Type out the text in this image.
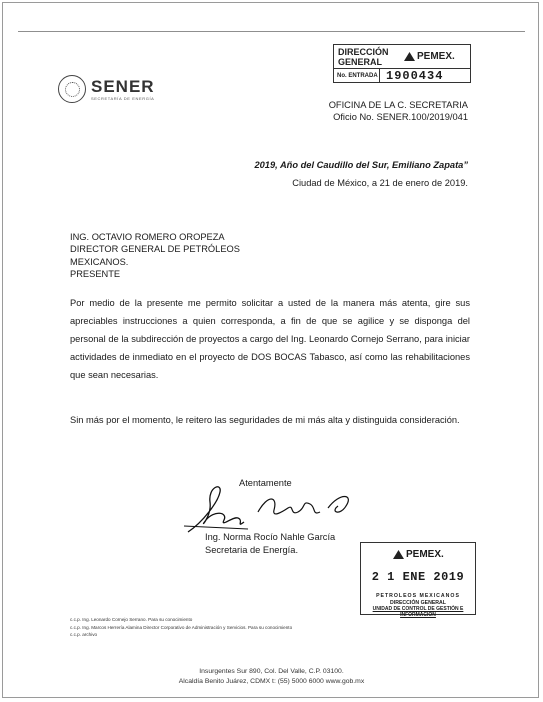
SENER
SECRETARÍA DE ENERGÍA
DIRECCIÓN
GENERAL	PEMEX.
No. ENTRADA 1900434
OFICINA DE LA C. SECRETARIA
Oficio No. SENER.100/2019/041
2019, Año del Caudillo del Sur, Emiliano Zapata”
Ciudad de México, a 21 de enero de 2019.
ING. OCTAVIO ROMERO OROPEZA
DIRECTOR GENERAL DE PETRÓLEOS
MEXICANOS.
PRESENTE

Por medio de la presente me permito solicitar a usted de la manera más atenta, gire sus apreciables instrucciones a quien corresponda, a fin de que se agilice y se disponga del personal de la subdirección de proyectos a cargo del Ing. Leonardo Cornejo Serrano, para iniciar actividades de inmediato en el proyecto de DOS BOCAS Tabasco, así como las rehabilitaciones que sean necesarias.

Sin más por el momento, le reitero las seguridades de mi más alta y distinguida consideración.

Atentamente
Ing. Norma Rocío Nahle García
Secretaria de Energía.	PEMEX.
2 1 ENE 2019
PETROLEOS MEXICANOS
DIRECCIÓN GENERAL
UNIDAD DE CONTROL DE GESTIÓN E INFORMACIÓN
c.c.p. Ing. Leonardo Cornejo Serrano. Para su conocimiento
c.c.p. Ing. Marcos Herrería Alamina Director Corporativo de Administración y Servicios. Para su conocimiento
c.c.p. archivo
Insurgentes Sur 890, Col. Del Valle, C.P. 03100.
Alcaldía Benito Juárez, CDMX t: (55) 5000 6000 www.gob.mx
